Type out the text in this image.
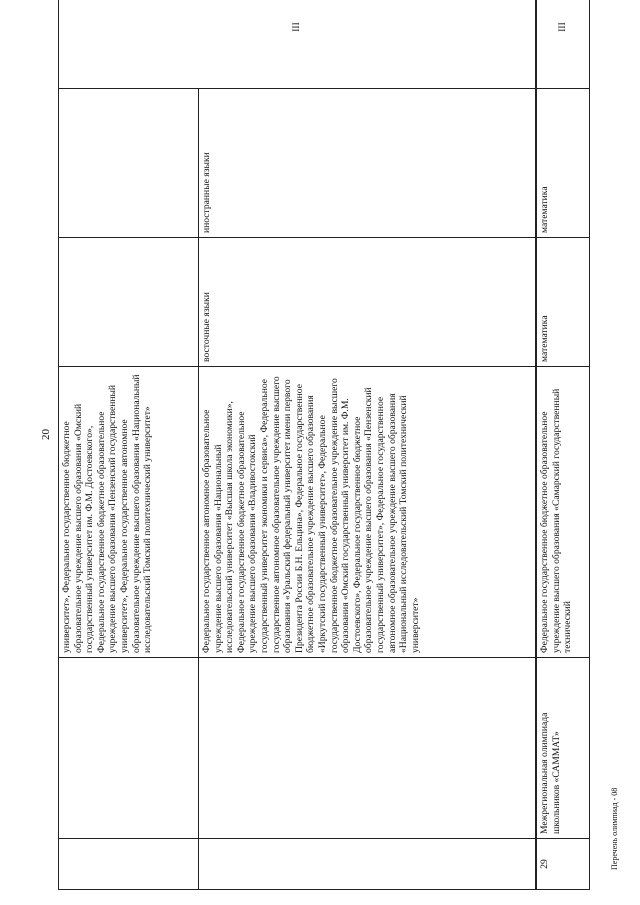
20
		университет», Федеральное государственное бюджетное образовательное учреждение высшего образования «Омский государственный университет им. Ф.М. Достоевского», Федеральное государственное бюджетное образовательное учреждение высшего образования «Пензенский государственный университет», Федеральное государственное автономное образовательное учреждение высшего образования «Национальный исследовательский Томский политехнический университет»			III
		Федеральное государственное автономное образовательное учреждение высшего образования «Национальный исследовательский университет «Высшая школа экономики», Федеральное государственное бюджетное образовательное учреждение высшего образования «Владивостокский государственный университет экономики и сервиса», Федеральное государственное автономное образовательное учреждение высшего образования «Уральский федеральный университет имени первого Президента России Б.Н. Ельцина», Федеральное государственное бюджетное образовательное учреждение высшего образования «Иркутский государственный университет», Федеральное государственное бюджетное образовательное учреждение высшего образования «Омский государственный университет им. Ф.М. Достоевского», Федеральное государственное бюджетное образовательное учреждение высшего образования «Пензенский государственный университет», Федеральное государственное автономное образовательное учреждение высшего образования «Национальный исследовательский Томский политехнический университет»	восточные языки	иностранные языки	
29	Межрегиональная олимпиада школьников «САММАТ»	Федеральное государственное бюджетное образовательное учреждение высшего образования «Самарский государственный технический	математика	математика	III
Перечень олимпиад - 08
